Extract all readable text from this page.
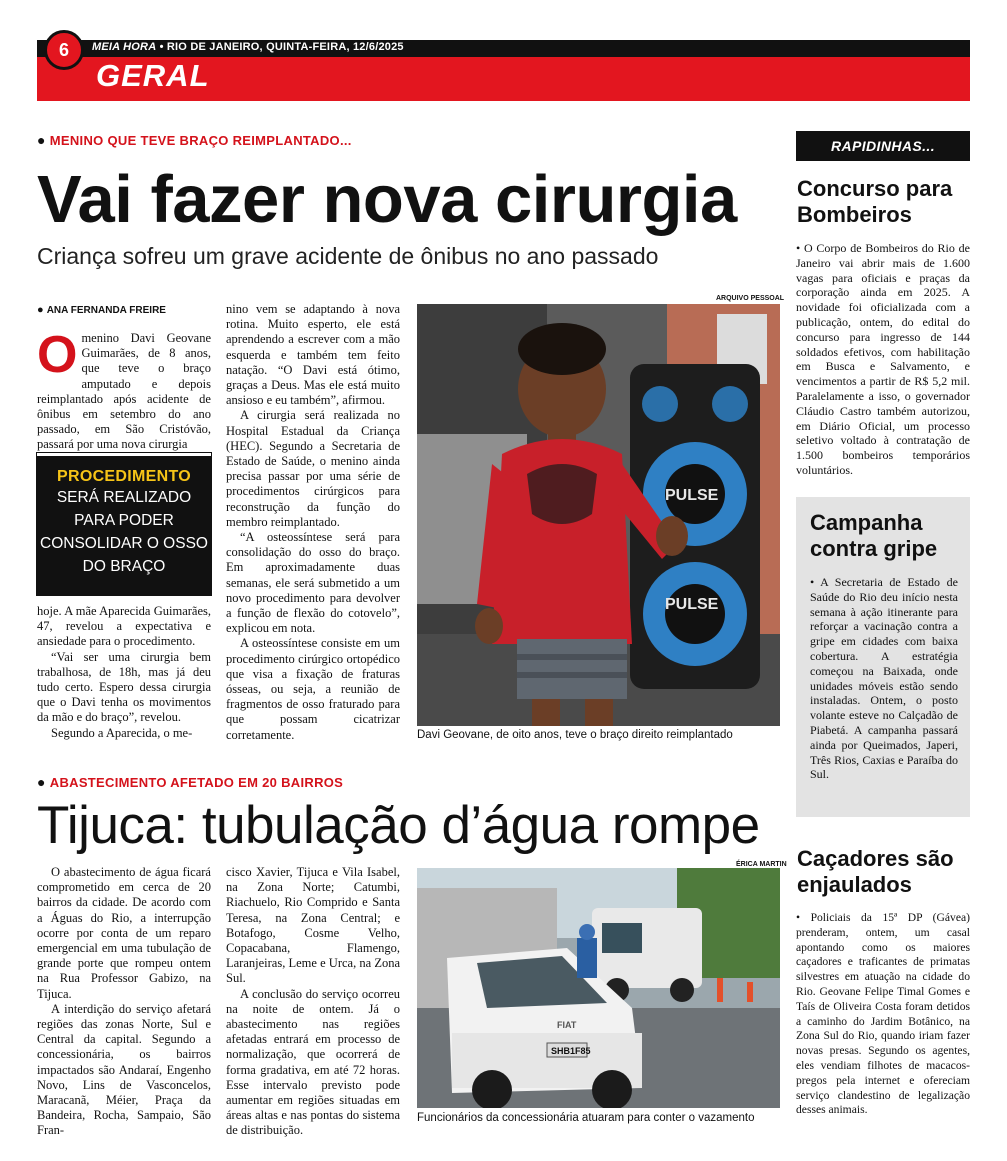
6	MEIA HORA • RIO DE JANEIRO, QUINTA-FEIRA, 12/6/2025
GERAL
● MENINO QUE TEVE BRAÇO REIMPLANTADO...
Vai fazer nova cirurgia
Criança sofreu um grave acidente de ônibus no ano passado
● ANA FERNANDA FREIRE
ARQUIVO PESSOAL

Omenino Davi Geovane Guimarães, de 8 anos, que teve o braço amputado e depois reimplantado após acidente de ônibus em setembro do ano passado, em São Cristóvão, passará por uma nova cirurgia

PROCEDIMENTO
SERÁ REALIZADO PARA PODER CONSOLIDAR O OSSO DO BRAÇO

hoje. A mãe Aparecida Guimarães, 47, revelou a expectativa e ansiedade para o procedimento.

“Vai ser uma cirurgia bem trabalhosa, de 18h, mas já deu tudo certo. Espero dessa cirurgia que o Davi tenha os movimentos da mão e do braço”, revelou.

Segundo a Aparecida, o me-

nino vem se adaptando à nova rotina. Muito esperto, ele está aprendendo a escrever com a mão esquerda e também tem feito natação. “O Davi está ótimo, graças a Deus. Mas ele está muito ansioso e eu também”, afirmou.

A cirurgia será realizada no Hospital Estadual da Criança (HEC). Segundo a Secretaria de Estado de Saúde, o menino ainda precisa passar por uma série de procedimentos cirúrgicos para reconstrução da função do membro reimplantado.

“A osteossíntese será para consolidação do osso do braço. Em aproximadamente duas semanas, ele será submetido a um novo procedimento para devolver a função de flexão do cotovelo”, explicou em nota.

A osteossíntese consiste em um procedimento cirúrgico ortopédico que visa a fixação de fraturas ósseas, ou seja, a reunião de fragmentos de osso fraturado para que possam cicatrizar corretamente.

PULSE
PULSE
Davi Geovane, de oito anos, teve o braço direito reimplantado
● ABASTECIMENTO AFETADO EM 20 BAIRROS
Tijuca: tubulação d’água rompe
ÉRICA MARTIN

O abastecimento de água ficará comprometido em cerca de 20 bairros da cidade. De acordo com a Águas do Rio, a interrupção ocorre por conta de um reparo emergencial em uma tubulação de grande porte que rompeu ontem na Rua Professor Gabizo, na Tijuca.

A interdição do serviço afetará regiões das zonas Norte, Sul e Central da capital. Segundo a concessionária, os bairros impactados são Andaraí, Engenho Novo, Lins de Vasconcelos, Maracanã, Méier, Praça da Bandeira, Rocha, Sampaio, São Fran-

cisco Xavier, Tijuca e Vila Isabel, na Zona Norte; Catumbi, Riachuelo, Rio Comprido e Santa Teresa, na Zona Central; e Botafogo, Cosme Velho, Copacabana, Flamengo, Laranjeiras, Leme e Urca, na Zona Sul.

A conclusão do serviço ocorreu na noite de ontem. Já o abastecimento nas regiões afetadas entrará em processo de normalização, que ocorrerá de forma gradativa, em até 72 horas. Esse intervalo previsto pode aumentar em regiões situadas em áreas altas e nas pontas do sistema de distribuição.

SHB1F85
FIAT
Funcionários da concessionária atuaram para conter o vazamento
RAPIDINHAS...
Concurso para Bombeiros
• O Corpo de Bombeiros do Rio de Janeiro vai abrir mais de 1.600 vagas para oficiais e praças da corporação ainda em 2025. A novidade foi oficializada com a publicação, ontem, do edital do concurso para ingresso de 144 soldados efetivos, com habilitação em Busca e Salvamento, e vencimentos a partir de R$ 5,2 mil. Paralelamente a isso, o governador Cláudio Castro também autorizou, em Diário Oficial, um processo seletivo voltado à contratação de 1.500 bombeiros temporários voluntários.
Campanha contra gripe
• A Secretaria de Estado de Saúde do Rio deu início nesta semana à ação itinerante para reforçar a vacinação contra a gripe em cidades com baixa cobertura. A estratégia começou na Baixada, onde unidades móveis estão sendo instaladas. Ontem, o posto volante esteve no Calçadão de Piabetá. A campanha passará ainda por Queimados, Japeri, Três Rios, Caxias e Paraíba do Sul.
Caçadores são enjaulados
• Policiais da 15ª DP (Gávea) prenderam, ontem, um casal apontando como os maiores caçadores e traficantes de primatas silvestres em atuação na cidade do Rio. Geovane Felipe Timal Gomes e Taís de Oliveira Costa foram detidos a caminho do Jardim Botânico, na Zona Sul do Rio, quando iriam fazer novas presas. Segundo os agentes, eles vendiam filhotes de macacos-pregos pela internet e ofereciam serviço clandestino de legalização desses animais.
